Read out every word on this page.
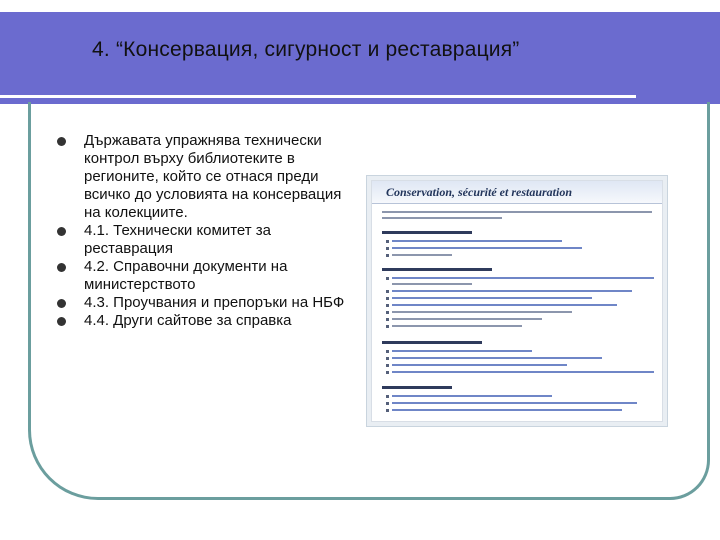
4. “Консервация, сигурност и реставрация”
Държавата упражнява технически контрол върху библиотеките в регионите, който се отнася преди всичко до условията на консервация на колекциите.
4.1. Технически комитет за реставрация
4.2. Справочни документи на министерството
4.3. Проучвания и препоръки на НБФ
4.4. Други сайтове за справка
Conservation, sécurité et restauration
